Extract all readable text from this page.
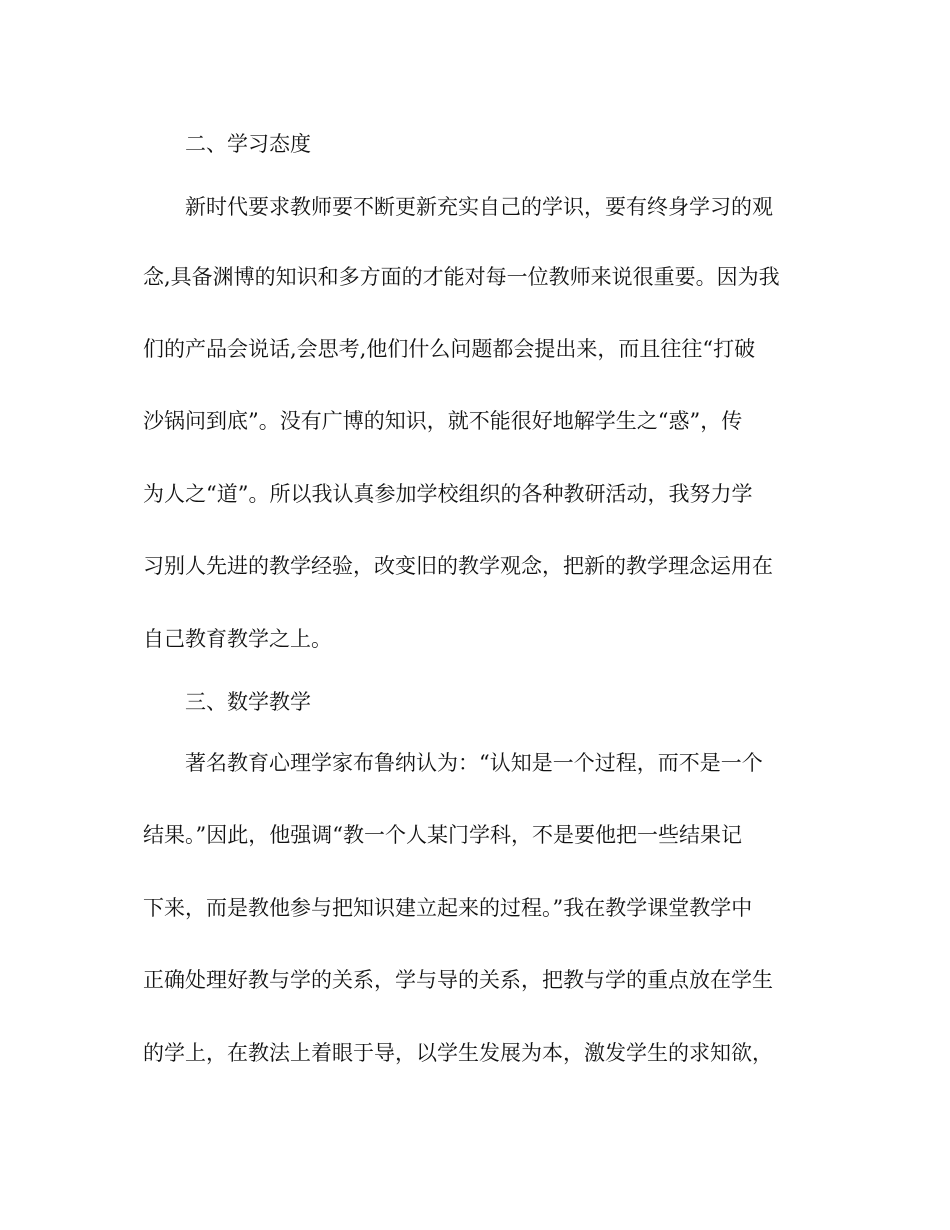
二、学习态度
新时代要求教师要不断更新充实自己的学识，要有终身学习的观
念,具备渊博的知识和多方面的才能对每一位教师来说很重要。因为我
们的产品会说话,会思考,他们什么问题都会提出来，而且往往“打破
沙锅问到底”。没有广博的知识，就不能很好地解学生之“惑”，传
为人之“道”。所以我认真参加学校组织的各种教研活动，我努力学
习别人先进的教学经验，改变旧的教学观念，把新的教学理念运用在
自己教育教学之上。
三、数学教学
著名教育心理学家布鲁纳认为：“认知是一个过程，而不是一个
结果。”因此，他强调“教一个人某门学科，不是要他把一些结果记
下来，而是教他参与把知识建立起来的过程。”我在教学课堂教学中
正确处理好教与学的关系，学与导的关系，把教与学的重点放在学生
的学上，在教法上着眼于导，以学生发展为本，激发学生的求知欲，
